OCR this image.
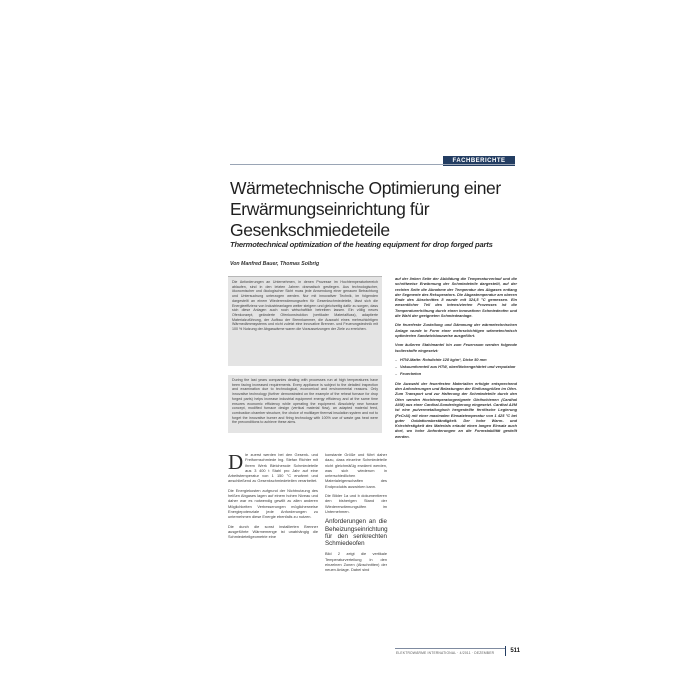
FACHBERICHTE
Wärmetechnische Optimierung einer Erwärmungseinrichtung für Gesenkschmiedeteile
Thermotechnical optimization of the heating equipment for drop forged parts
Von Manfred Bauer, Thomas Solbrig

Die Anforderungen an Unternehmen, in denen Prozesse im Hochtemperaturbereich ablaufen, sind in den letzten Jahren dramatisch gestiegen. Aus technologischer, ökonomischer und ökologischer Sicht muss jede Anwendung einer genauen Betrachtung und Untersuchung unterzogen werden. Nur mit innovativer Technik, im folgenden dargestellt an einem Wiedererwärmungsofen für Gesenkschmiedeteile, lässt sich die Energieeffizienz von Industrieanlagen weiter steigern und gleichzeitig dafür zu sorgen, dass sich diese Anlagen auch noch wirtschaftlich betreiben lassen. Ein völlig neues Ofenkonzept, geänderte Ofenkonstruktion (vertikaler Materialfluss), adaptierte Materialzuführung, der Aufbau der Brennkammer, die Auswahl eines mehrschichtigen Wärmedämmsystems und nicht zuletzt eine innovative Brenner- und Feuerungstechnik mit 100 % Nutzung der Abgaswärme waren die Voraussetzungen der Ziele zu erreichen.

During the last years companies dealing with processes run at high temperatures have been facing increased requirements. Every appliance is subject to the detailed inspection and examination due to technological, economical and environmental reasons. Only innovative technology (further demonstrated on the example of the reheat furnace for drop forged parts) helps increase industrial equipment energy efficiency and at the same time ensures economic efficiency while operating the equipment. Absolutely new furnace concept, modified furnace design (vertical material flow), an adapted material feed, combustion chamber structure, the choice of multilayer thermal insulation system and not to forget the innovative burner and firing technology with 100% use of waste gas heat were the preconditions to achieve these aims.

auf der linken Seite der Abbildung die Temperaturverlauf und die schrittweise Erwärmung der Schmiedeteile dargestellt, auf der rechten Seite die Abnahme der Temperatur des Abgases entlang der Segmente des Rekuperators. Die Abgastemperatur am oberen Ende des Abschnittes 8 wurde mit 324,5 °C gemessen. Ein wesentlicher Teil des intensivierten Prozesses ist die Temperaturerhöhung durch einen innovativen Schmiedeofen und die Wahl der geeigneten Schmiedeanlage.

Die feuerfeste Zustellung und Dämmung der wärmetechnischen Anlage wurde in Form einer mehrschichtigen wärmetechnisch optimierten Sandwichbauweise ausgeführt.

Vom äußeren Stahlmantel hin zum Feuerraum werden folgende Isolierstoffe eingesetzt:

– HTW-Matte: Rohdichte 128 kg/m³, Dicke 50 mm
– Vakuumformteil aus HTW, oberflächengehärtet und verputzbar
– Feuerbeton

Die Auswahl der feuerfesten Materialien erfolgte entsprechend den Anforderungen und Belastungen der Einflussgrößen im Ofen. Zum Transport und zur Halterung der Schmiedeteile durch den Ofen werden Hochtemperaturgeeignete Gleitschienen (Cardhal Al/M) aus einer Cardhal-Sonderlegierung eingesetzt. Cardhal Al/M ist eine pulvermetallurgisch hergestellte ferritische Legierung (FeCrAl) mit einer maximalen Einsatztemperatur von 1 425 °C bei guter Oxidationsbeständigkeit. Der hohe Warm- und Kriechfestigkeit des Materials erlaubt einen langen Einsatz auch dort, wo hohe Anforderungen an die Formstabilität gestellt werden.

Die zuerst werden bei den Gesenk- und Freiformschmiede Ing. Stefan Richter mit ihrem Werk Bleicherode Schmiedeteile aus 3 400 t Stahl pro Jahr auf eine Arbeitstemperatur von 1 150 °C erwärmt und anschließend zu Gesenkschmiedeteilen verarbeitet.

Die Energiekosten aufgrund der Nichtnutzung des heißen Abgases lagen auf einem hohen Niveau und daher war es notwendig gewillt zu allen anderen Möglichkeiten Verbesserungen möglicherweise Energiepotenziale jede Anforderungen zu unternehmen diese Energie ebenfalls zu nutzen.

Die durch die sonst installierten Brenner ausgeführte Wärmemenge ist unabhängig die Schmiedeteilgeometrie eine

konstante Größe und führt daher dazu, dass einzelne Schmiedeteile nicht gleichmäßig erwärmt werden, was sich wiederum in unterschiedlichen Materialeigenschaften des Endprodukts auswirken kann.

Die Bilder 1a und b dokumentieren den bisherigen Stand der Wiedererwärmungsöfen im Unternehmen.

Anforderungen an die Beheizungseinrichtung für den senkrechten Schmiedeofen

Bild 2 zeigt die vertikale Temperaturverteilung in den einzelnen Zonen (Abschnitten) der neuen Anlage. Dabei sind

ELEKTROWÄRME INTERNATIONAL · 4/2011 · DEZEMBER	511
